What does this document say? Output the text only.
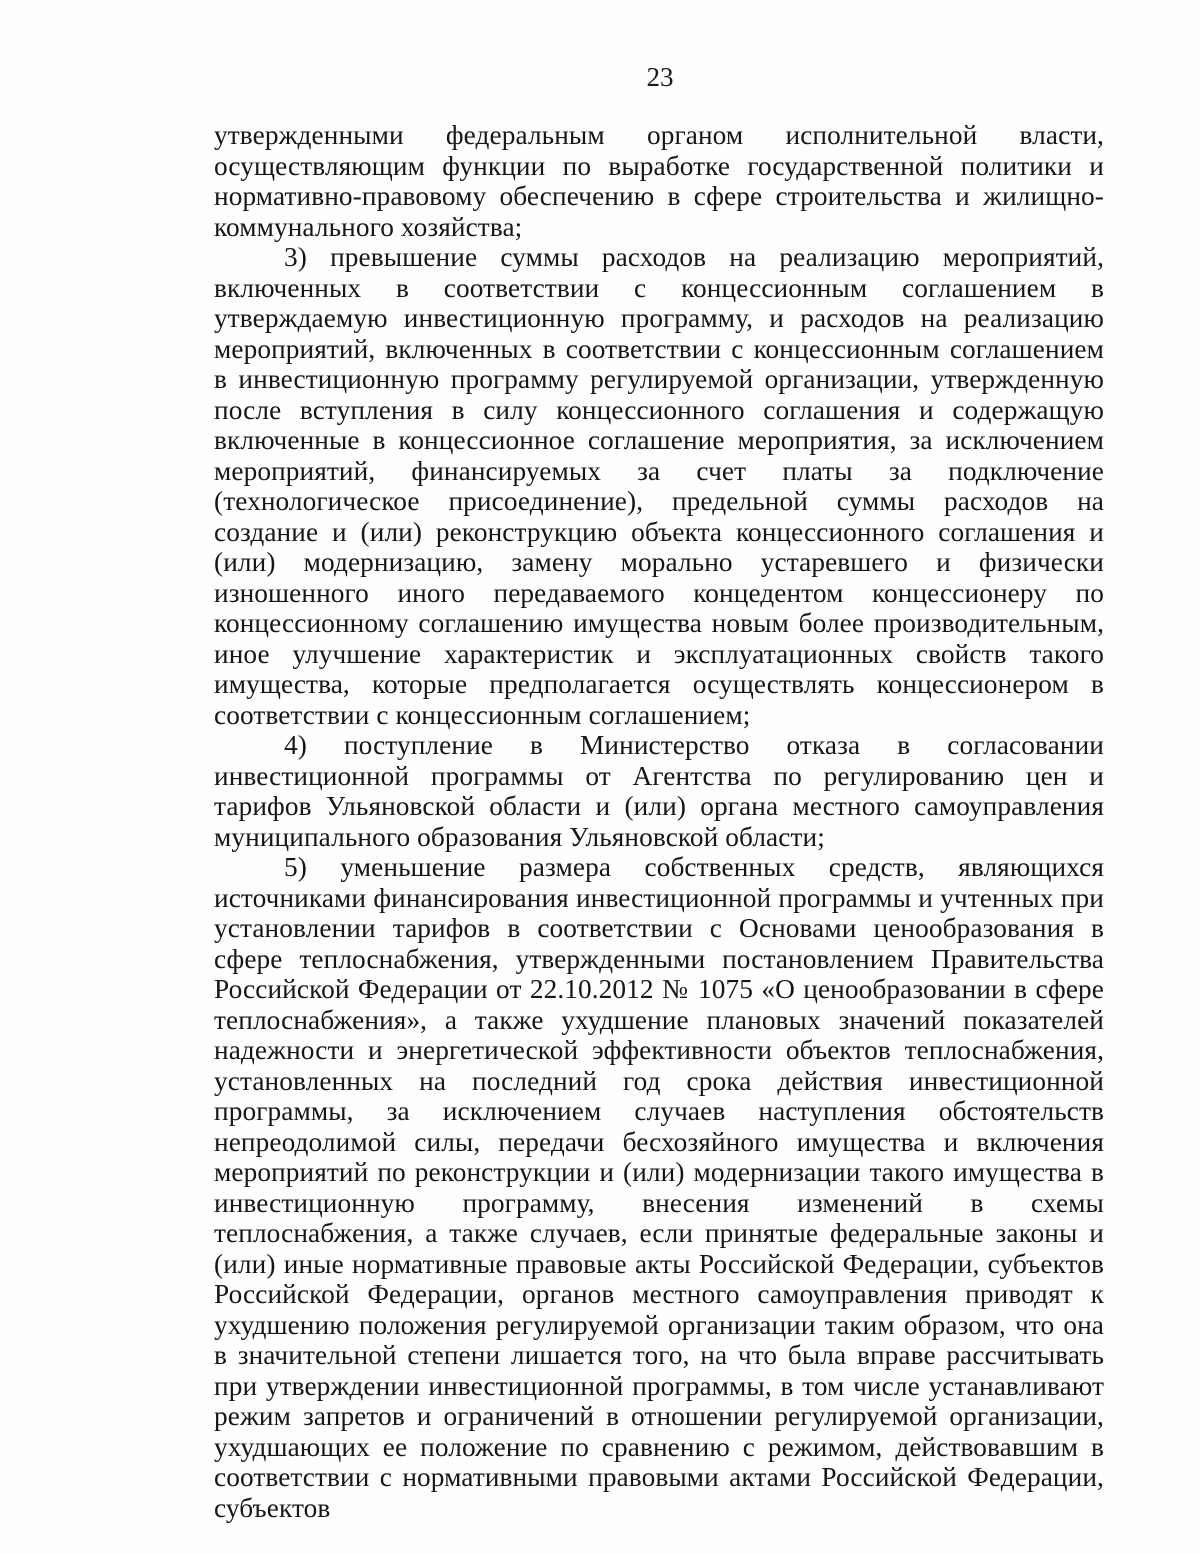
23

утвержденными федеральным органом исполнительной власти, осуществляющим функции по выработке государственной политики и нормативно-правовому обеспечению в сфере строительства и жилищно-коммунального хозяйства;

3) превышение суммы расходов на реализацию мероприятий, включенных в соответствии с концессионным соглашением в утверждаемую инвестиционную программу, и расходов на реализацию мероприятий, включенных в соответствии с концессионным соглашением в инвестиционную программу регулируемой организации, утвержденную после вступления в силу концессионного соглашения и содержащую включенные в концессионное соглашение мероприятия, за исключением мероприятий, финансируемых за счет платы за подключение (технологическое присоединение), предельной суммы расходов на создание и (или) реконструкцию объекта концессионного соглашения и (или) модернизацию, замену морально устаревшего и физически изношенного иного передаваемого концедентом концессионеру по концессионному соглашению имущества новым более производительным, иное улучшение характеристик и эксплуатационных свойств такого имущества, которые предполагается осуществлять концессионером в соответствии с концессионным соглашением;

4) поступление в Министерство отказа в согласовании инвестиционной программы от Агентства по регулированию цен и тарифов Ульяновской области и (или) органа местного самоуправления муниципального образования Ульяновской области;

5) уменьшение размера собственных средств, являющихся источниками финансирования инвестиционной программы и учтенных при установлении тарифов в соответствии с Основами ценообразования в сфере теплоснабжения, утвержденными постановлением Правительства Российской Федерации от 22.10.2012 № 1075 «О ценообразовании в сфере теплоснабжения», а также ухудшение плановых значений показателей надежности и энергетической эффективности объектов теплоснабжения, установленных на последний год срока действия инвестиционной программы, за исключением случаев наступления обстоятельств непреодолимой силы, передачи бесхозяйного имущества и включения мероприятий по реконструкции и (или) модернизации такого имущества в инвестиционную программу, внесения изменений в схемы теплоснабжения, а также случаев, если принятые федеральные законы и (или) иные нормативные правовые акты Российской Федерации, субъектов Российской Федерации, органов местного самоуправления приводят к ухудшению положения регулируемой организации таким образом, что она в значительной степени лишается того, на что была вправе рассчитывать при утверждении инвестиционной программы, в том числе устанавливают режим запретов и ограничений в отношении регулируемой организации, ухудшающих ее положение по сравнению с режимом, действовавшим в соответствии с нормативными правовыми актами Российской Федерации, субъектов
